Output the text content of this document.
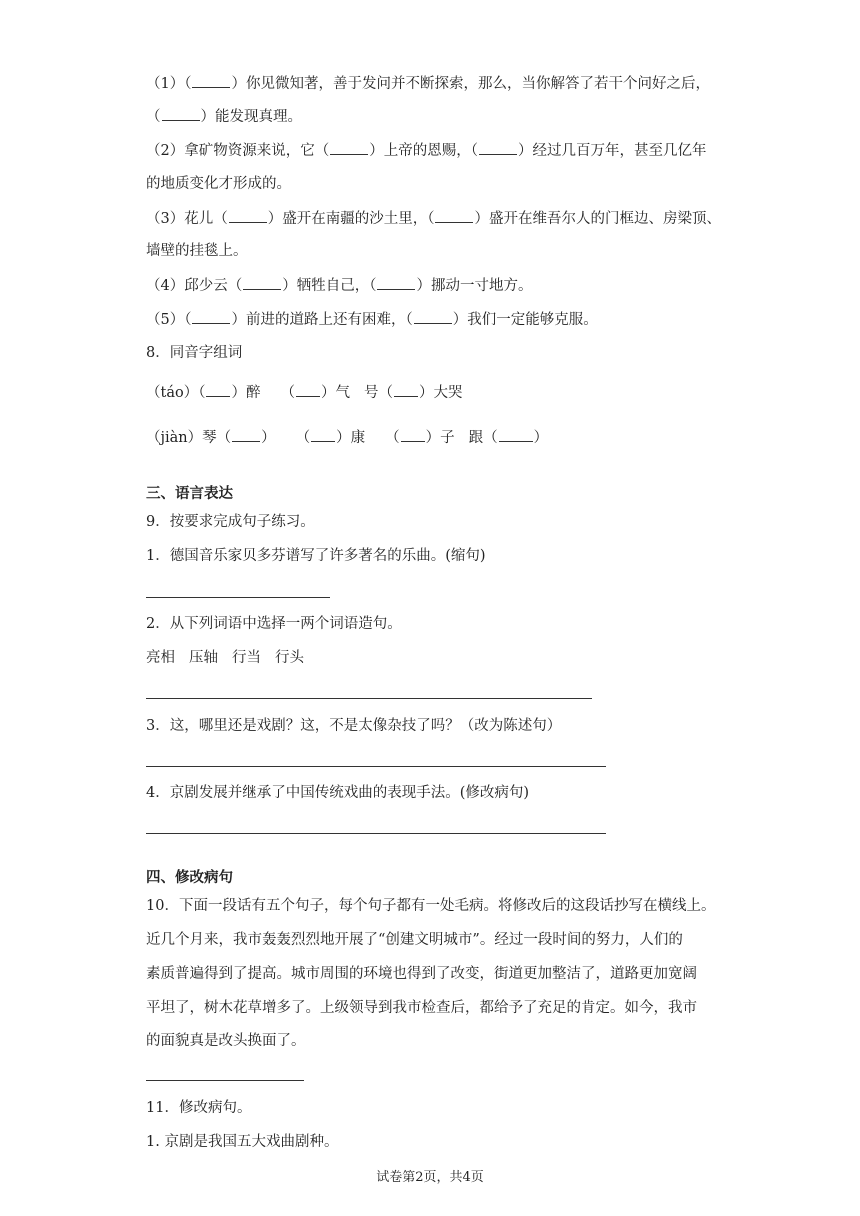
（1）（	）你见微知著，善于发问并不断探索，那么，当你解答了若干个问好之后，
（	）能发现真理。
（2）拿矿物资源来说，它（	）上帝的恩赐，（	）经过几百万年，甚至几亿年
的地质变化才形成的。
（3）花儿（	）盛开在南疆的沙土里，（	）盛开在维吾尔人的门框边、房梁顶、
墙壁的挂毯上。
（4）邱少云（	）牺牲自己，（	）挪动一寸地方。
（5）（	）前进的道路上还有困难，（	）我们一定能够克服。
8．同音字组词
（táo）（ ）醉 （ ）气 号（ ）大哭
（jiàn）琴（ ） （ ）康 （ ）子 跟（ ）
三、语言表达
9．按要求完成句子练习。
1．德国音乐家贝多芬谱写了许多著名的乐曲。(缩句)
2．从下列词语中选择一两个词语造句。
亮相 压轴 行当 行头
3．这，哪里还是戏剧？这，不是太像杂技了吗？（改为陈述句）
4．京剧发展并继承了中国传统戏曲的表现手法。(修改病句)
四、修改病句
10．下面一段话有五个句子，每个句子都有一处毛病。将修改后的这段话抄写在横线上。
近几个月来，我市轰轰烈烈地开展了“创建文明城市”。经过一段时间的努力，人们的
素质普遍得到了提高。城市周围的环境也得到了改变，街道更加整洁了，道路更加宽阔
平坦了，树木花草增多了。上级领导到我市检查后，都给予了充足的肯定。如今，我市
的面貌真是改头换面了。
11．修改病句。
1. 京剧是我国五大戏曲剧种。
试卷第2页，共4页
